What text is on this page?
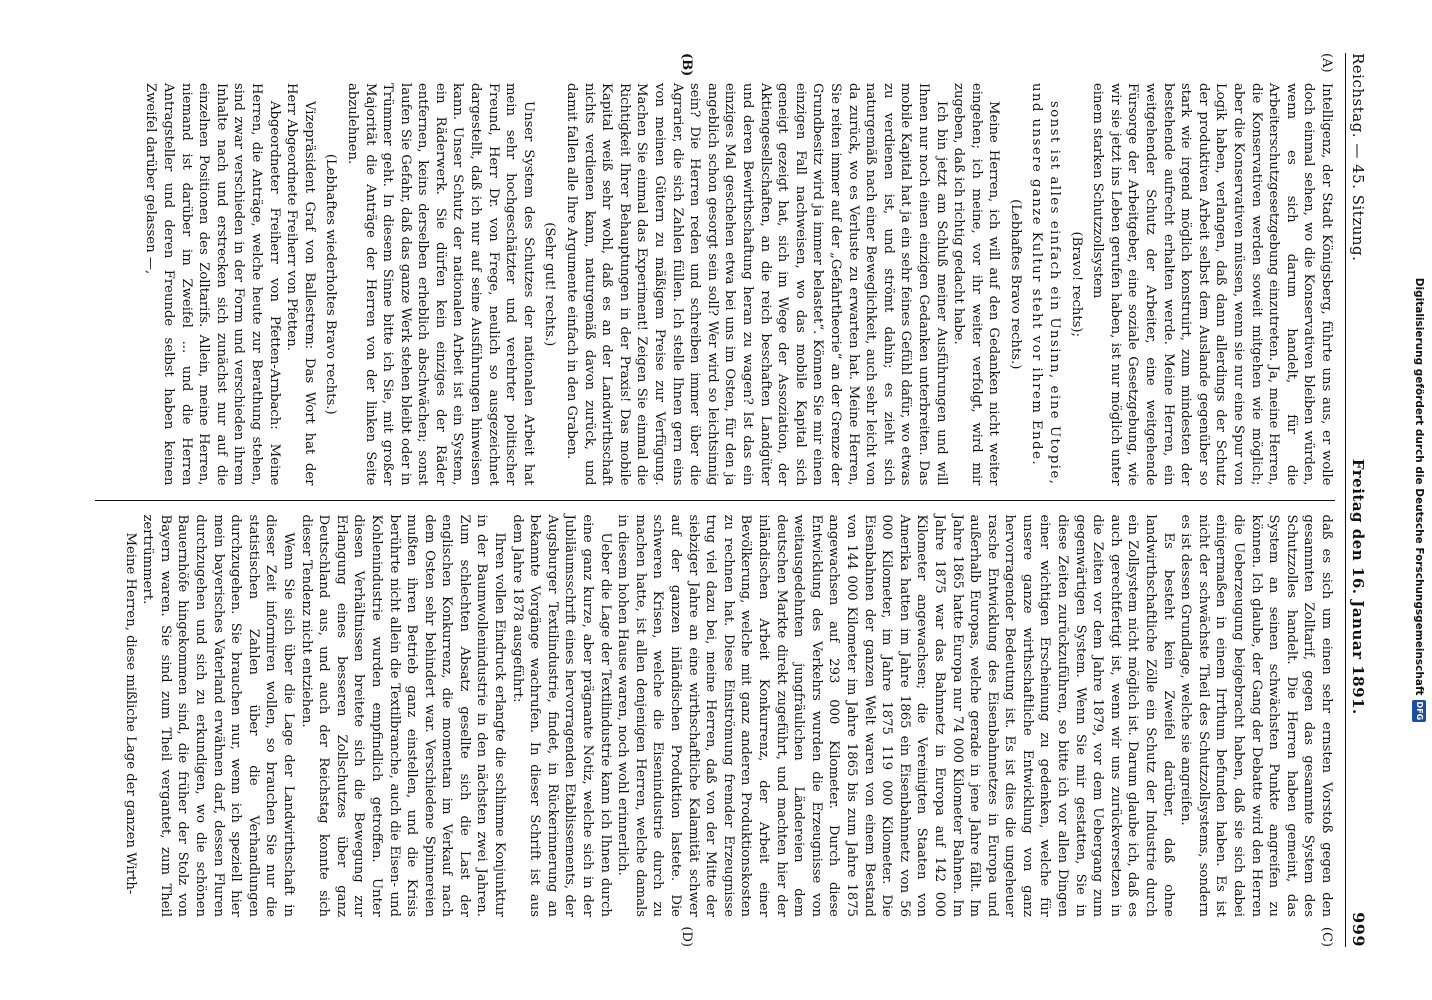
Reichstag. — 45. Sitzung.
Freitag den 16. Januar 1891.
999
(A)
(B)

Intelligenz, der Stadt Königsberg, führte uns aus, er wolle doch einmal sehen, wo die Konservativen bleiben würden, wenn es sich darum handelt, für die Arbeiterschutzgesetzgebung einzutreten. Ja, meine Herren, die Konservativen werden soweit mitgehen wie möglich; aber die Konservativen müssen, wenn sie nur eine Spur von Logik haben, verlangen, daß dann allerdings der Schutz der produktiven Arbeit selbst dem Auslande gegenüber so stark wie irgend möglich konstruirt, zum mindesten der bestehende aufrecht erhalten werde. Meine Herren, ein weitgehender Schutz der Arbeiter, eine weitgehende Fürsorge der Arbeitgeber, eine soziale Gesetzgebung, wie wir sie jetzt ins Leben gerufen haben, ist nur möglich unter einem starken Schutzzollsystem

(Bravo! rechts);

sonst ist alles einfach ein Unsinn, eine Utopie, und unsere ganze Kultur steht vor ihrem Ende.

(Lebhaftes Bravo rechts.)

Meine Herren, ich will auf den Gedanken nicht weiter eingehen; ich meine, vor ihr weiter verfolgt, wird mir zugeben, daß ich richtig gedacht habe.

Ich bin jetzt am Schluß meiner Ausführungen und will Ihnen nur noch einen einzigen Gedanken unterbreiten. Das mobile Kapital hat ja ein sehr feines Gefühl dafür, wo etwas zu verdienen ist, und strömt dahin; es zieht sich naturgemäß nach einer Beweglichkeit, auch sehr leicht von da zurück, wo es Verluste zu erwarten hat. Meine Herren, Sie reiten immer auf der „Gefahrtheorie“ an der Grenze der Grundbesitz wird ja immer belastet“. Können Sie mir einen einzigen Fall nachweisen, wo das mobile Kapital sich geneigt gezeigt hat, sich im Wege der Assoziation, der Aktiengesellschaften, an die reich beschaften Landgüter und deren Bewirthschaftung heran zu wagen? Ist das ein einziges Mal geschehen etwa bei uns im Osten, für den ja angeblich schon gesorgt sein soll? Wer wird so leichtsinnig sein? Die Herren reden und schreiben immer über die Agrarier, die sich Zahlen füllen. Ich stelle Ihnen gern eins von meinen Gütern zu mäßigem Preise zur Verfügung. Machen Sie einmal das Experiment! Zeigen Sie einmal die Richtigkeit Ihrer Behauptungen in der Praxis! Das mobile Kapital weiß sehr wohl, daß es an der Landwirthschaft nichts verdienen kann, naturgemäß davon zurück, und damit fallen alle Ihre Argumente einfach in den Graben.

(Sehr gut! rechts.)

Unser System des Schutzes der nationalen Arbeit hat mein sehr hochgeschätzter und verehrter politischer Freund, Herr Dr. von Frege, neulich so ausgezeichnet dargestellt, daß ich nur auf seine Ausführungen hinweisen kann. Unser Schutz der nationalen Arbeit ist ein System, ein Räderwerk. Sie dürfen kein einziges der Räder entfernen, keins derselben erheblich abschwächen; sonst laufen Sie Gefahr, daß das ganze Werk stehen bleibt oder in Trümmer geht. In diesem Sinne bitte ich Sie, mit großer Majorität die Anträge der Herren von der linken Seite abzulehnen.

(Lebhaftes wiederholtes Bravo rechts.)

Vizepräsident Graf von Ballestrem: Das Wort hat der Herr Abgeordnete Freiherr von Pfetten.

Abgeordneter Freiherr von Pfetten-Arnbach: Meine Herren, die Anträge, welche heute zur Berathung stehen, sind zwar verschieden in der Form und verschieden ihrem Inhalte nach und erstrecken sich zunächst nur auf die einzelnen Positionen des Zolltarifs. Allein, meine Herren, niemand ist darüber im Zweifel ... und die Herren Antragsteller und deren Freunde selbst haben keinen Zweifel darüber gelassen —,

(C)
(D)

daß es sich um einen sehr ernsten Vorstoß gegen den gesammten Zolltarif, gegen das gesammte System des Schutzzolles handelt. Die Herren haben gemeint, das System an seinen schwächsten Punkte angreifen zu können. Ich glaube, der Gang der Debatte wird den Herren die Ueberzeugung beigebracht haben, daß sie sich dabei einigermaßen in einem Irrthum befunden haben. Es ist nicht der schwächste Theil des Schutzzollsystems, sondern es ist dessen Grundlage, welche sie angreifen.

Es besteht kein Zweifel darüber, daß ohne landwirthschaftliche Zölle ein Schutz der Industrie durch ein Zollsystem nicht möglich ist. Darum glaube ich, daß es auch gerechtfertigt ist, wenn wir uns zurückversetzen in die Zeiten vor dem Jahre 1879, vor dem Uebergang zum gegenwärtigen System. Wenn Sie mir gestatten, Sie in diese Zeiten zurückzuführen, so bitte ich vor allen Dingen einer wichtigen Erscheinung zu gedenken, welche für unsere ganze wirthschaftliche Entwicklung von ganz hervorragender Bedeutung ist. Es ist dies die ungeheuer rasche Entwicklung des Eisenbahnnetzes in Europa und außerhalb Europas, welche gerade in jene Jahre fällt. Im Jahre 1865 hatte Europa nur 74 000 Kilometer Bahnen. Im Jahre 1875 war das Bahnnetz in Europa auf 142 000 Kilometer angewachsen; die Vereinigten Staaten von Amerika hatten im Jahre 1865 ein Eisenbahnnetz von 56 000 Kilometer, im Jahre 1875 119 000 Kilometer. Die Eisenbahnen der ganzen Welt waren von einem Bestand von 144 000 Kilometer im Jahre 1865 bis zum Jahre 1875 angewachsen auf 293 000 Kilometer. Durch diese Entwicklung des Verkehrs wurden die Erzeugnisse von weitausgedehnten jungfräulichen Ländereien dem deutschen Markte direkt zugeführt, und machten hier der inländischen Arbeit Konkurrenz, der Arbeit einer Bevölkerung, welche mit ganz anderen Produktionskosten zu rechnen hat. Diese Einströmung fremder Erzeugnisse trug viel dazu bei, meine Herren, daß von der Mitte der siebziger Jahre an eine wirthschaftliche Kalamität schwer auf der ganzen inländischen Produktion lastete. Die schweren Krisen, welche die Eisenindustrie durch zu machen hatte, ist allen denjenigen Herren, welche damals in diesem hohen Hause waren, noch wohl erinnerlich.

Ueber die Lage der Textilindustrie kann ich Ihnen durch eine ganz kurze, aber prägnante Notiz, welche sich in der Jubiläumsschrift eines hervorragenden Etablissements, der Augsburger Textilindustrie, findet, in Rückerinnerung an bekannte Vorgänge wachrufen. In dieser Schrift ist aus dem Jahre 1878 ausgeführt:

Ihren vollen Eindruck erlangte die schlimme Konjunktur in der Baumwollenindustrie in den nächsten zwei Jahren. Zum schlechten Absatz gesellte sich die Last der englischen Konkurrenz, die momentan im Verkauf nach dem Osten sehr behindert war. Verschiedene Spinnereien mußten ihren Betrieb ganz einstellen, und die Krisis berührte nicht allein die Textilbranche, auch die Eisen- und Kohlenindustrie wurden empfindlich getroffen. Unter diesen Verhältnissen breitete sich die Bewegung zur Erlangung eines besseren Zollschutzes über ganz Deutschland aus, und auch der Reichstag konnte sich dieser Tendenz nicht entziehen.

Wenn Sie sich über die Lage der Landwirthschaft in dieser Zeit informiren wollen, so brauchen Sie nur die statistischen Zahlen über die Verhandlungen durchzugehen. Sie brauchen nur, wenn ich speziell hier mein bayerisches Vaterland erwähnen darf, dessen Fluren durchzugehen und sich zu erkundigen, wo die schönen Bauernhöfe hingekommen sind, die früher der Stolz von Bayern waren. Sie sind zum Theil vergantet, zum Theil zertrümmert.

Meine Herren, diese mißliche Lage der ganzen Wirth-

Digitalisierung gefördert durch die Deutsche ForschungsgemeinschaftDFG
